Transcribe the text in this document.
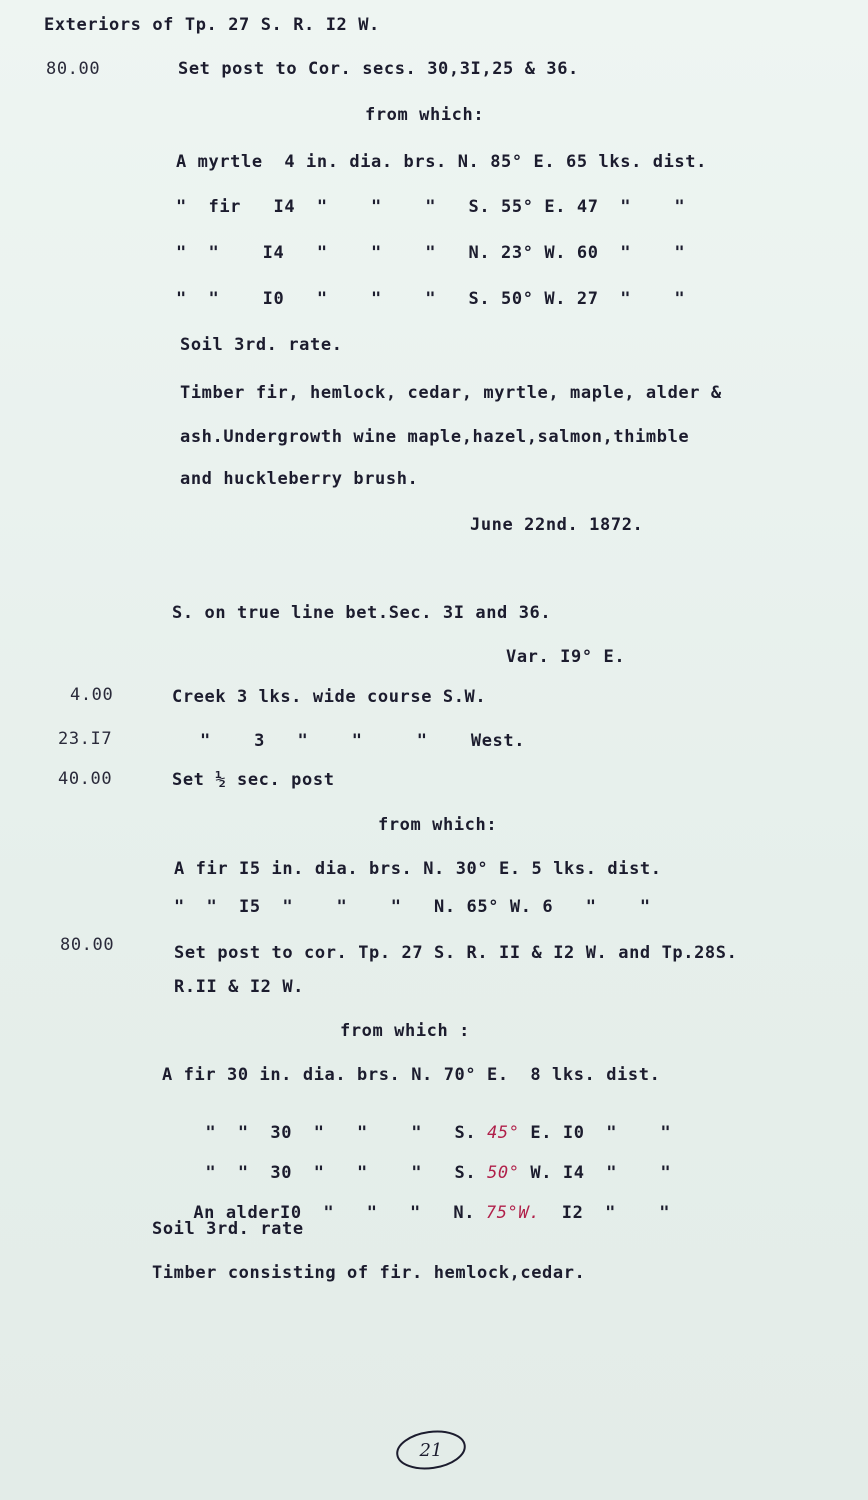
Exteriors of Tp. 27 S. R. I2 W.
80.00	Set post to Cor. secs. 30,3I,25 & 36.
from which:
A myrtle  4 in. dia. brs. N. 85° E. 65 lks. dist.
"  fir   I4  "    "    "   S. 55° E. 47  "    "
"  "    I4   "    "    "   N. 23° W. 60  "    "
"  "    I0   "    "    "   S. 50° W. 27  "    "
Soil 3rd. rate.
Timber fir, hemlock, cedar, myrtle, maple, alder &
ash.Undergrowth wine maple,hazel,salmon,thimble
and huckleberry brush.
June 22nd. 1872.
S. on true line bet.Sec. 3I and 36.
Var. I9° E.
4.00	Creek 3 lks. wide course S.W.
23.I7	"    3   "    "     "    West.
40.00	Set ½ sec. post
from which:
A fir I5 in. dia. brs. N. 30° E. 5 lks. dist.
"  "  I5  "    "    "   N. 65° W. 6   "    "
80.00	Set post to cor. Tp. 27 S. R. II & I2 W. and Tp.28S.
R.II & I2 W.
from which :
A fir 30 in. dia. brs. N. 70° E.  8 lks. dist.

"  "  30  "   "    "   S. 45° E. I0  "    "

"  "  30  "   "    "   S. 50° W. I4  "    "

An alderI0  "   "   "   N. 75°W.  I2  "    "

Soil 3rd. rate
Timber consisting of fir. hemlock,cedar.
21
